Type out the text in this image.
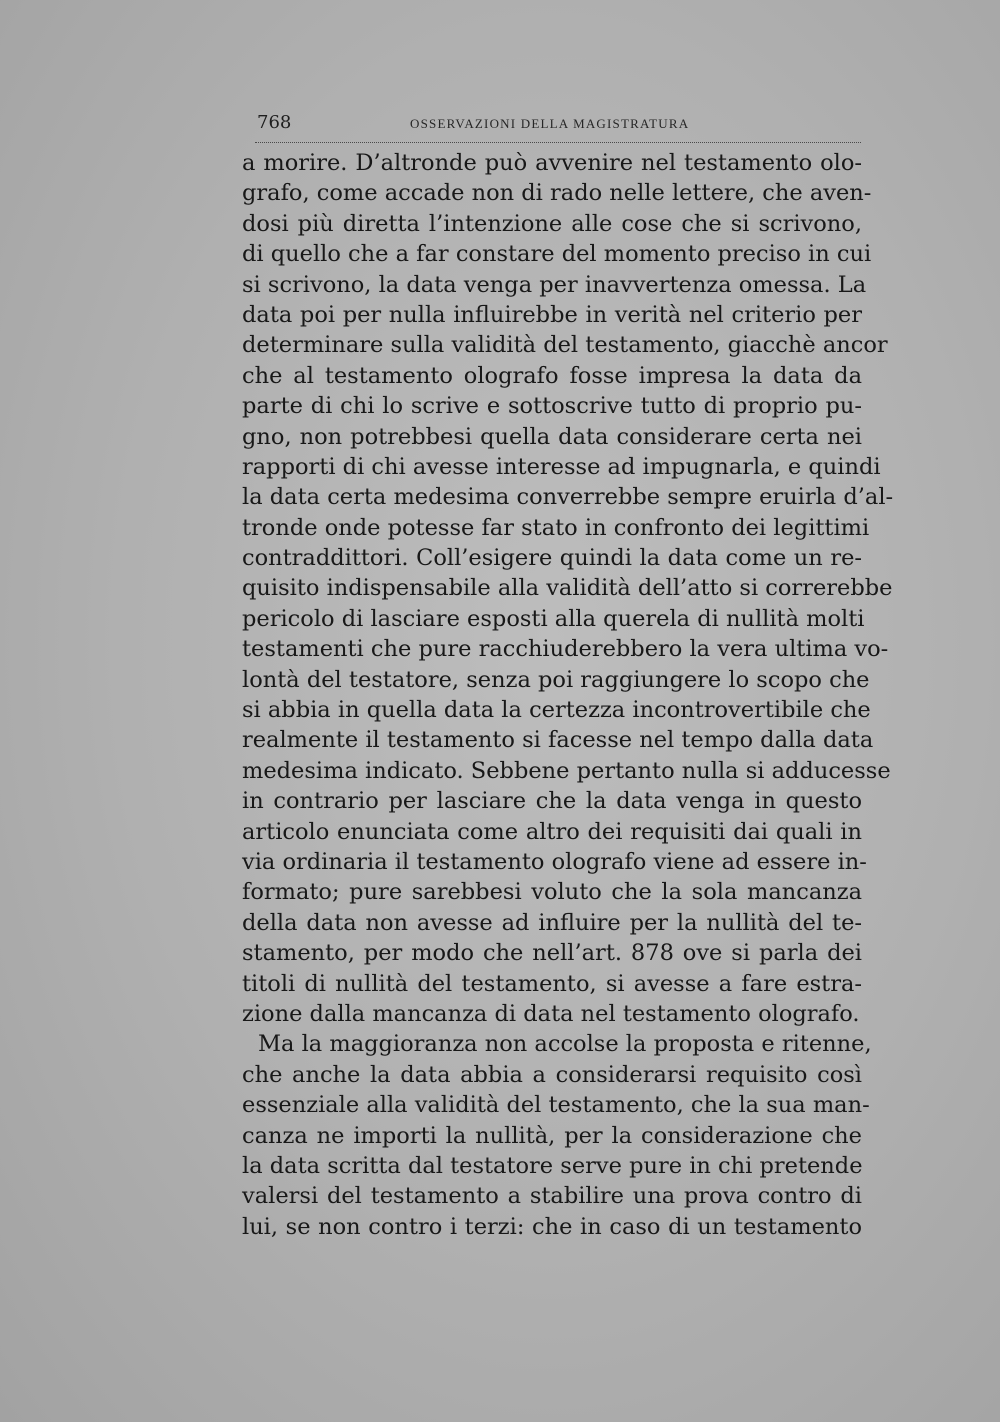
768	OSSERVAZIONI DELLA MAGISTRATURA
a morire. D’altronde può avvenire nel testamento olo-
grafo, come accade non di rado nelle lettere, che aven-
dosi più diretta l’intenzione alle cose che si scrivono,
di quello che a far constare del momento preciso in cui
si scrivono, la data venga per inavvertenza omessa. La
data poi per nulla influirebbe in verità nel criterio per
determinare sulla validità del testamento, giacchè ancor
che al testamento olografo fosse impresa la data da
parte di chi lo scrive e sottoscrive tutto di proprio pu-
gno, non potrebbesi quella data considerare certa nei
rapporti di chi avesse interesse ad impugnarla, e quindi
la data certa medesima converrebbe sempre eruirla d’al-
tronde onde potesse far stato in confronto dei legittimi
contraddittori. Coll’esigere quindi la data come un re-
quisito indispensabile alla validità dell’atto si correrebbe
pericolo di lasciare esposti alla querela di nullità molti
testamenti che pure racchiuderebbero la vera ultima vo-
lontà del testatore, senza poi raggiungere lo scopo che
si abbia in quella data la certezza incontrovertibile che
realmente il testamento si facesse nel tempo dalla data
medesima indicato. Sebbene pertanto nulla si adducesse
in contrario per lasciare che la data venga in questo
articolo enunciata come altro dei requisiti dai quali in
via ordinaria il testamento olografo viene ad essere in-
formato; pure sarebbesi voluto che la sola mancanza
della data non avesse ad influire per la nullità del te-
stamento, per modo che nell’art. 878 ove si parla dei
titoli di nullità del testamento, si avesse a fare estra-
zione dalla mancanza di data nel testamento olografo.
Ma la maggioranza non accolse la proposta e ritenne,
che anche la data abbia a considerarsi requisito così
essenziale alla validità del testamento, che la sua man-
canza ne importi la nullità, per la considerazione che
la data scritta dal testatore serve pure in chi pretende
valersi del testamento a stabilire una prova contro di
lui, se non contro i terzi: che in caso di un testamento
